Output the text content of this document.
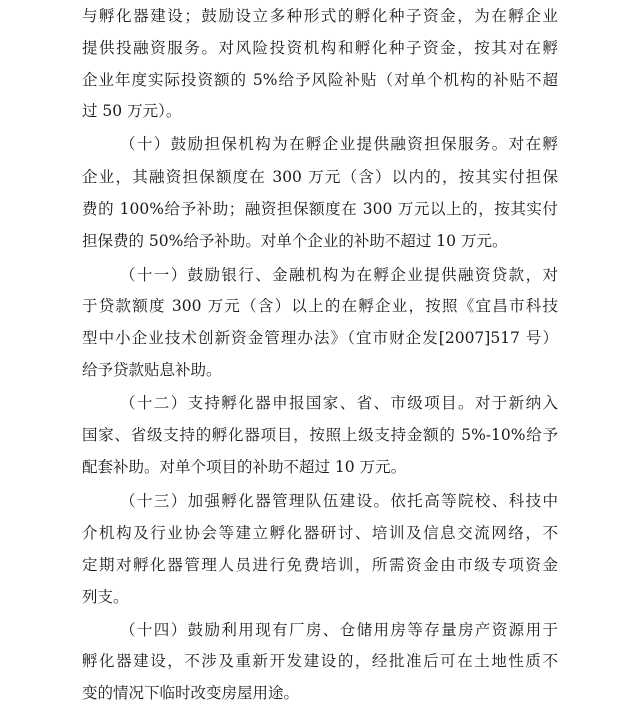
与孵化器建设；鼓励设立多种形式的孵化种子资金，为在孵企业
提供投融资服务。对风险投资机构和孵化种子资金，按其对在孵
企业年度实际投资额的 5%给予风险补贴（对单个机构的补贴不超
过 50 万元）。
（十）鼓励担保机构为在孵企业提供融资担保服务。对在孵
企业，其融资担保额度在 300 万元（含）以内的，按其实付担保
费的 100%给予补助；融资担保额度在 300 万元以上的，按其实付
担保费的 50%给予补助。对单个企业的补助不超过 10 万元。
（十一）鼓励银行、金融机构为在孵企业提供融资贷款，对
于贷款额度 300 万元（含）以上的在孵企业，按照《宜昌市科技
型中小企业技术创新资金管理办法》（宜市财企发[2007]517 号）
给予贷款贴息补助。
（十二）支持孵化器申报国家、省、市级项目。对于新纳入
国家、省级支持的孵化器项目，按照上级支持金额的 5%-10%给予
配套补助。对单个项目的补助不超过 10 万元。
（十三）加强孵化器管理队伍建设。依托高等院校、科技中
介机构及行业协会等建立孵化器研讨、培训及信息交流网络，不
定期对孵化器管理人员进行免费培训，所需资金由市级专项资金
列支。
（十四）鼓励利用现有厂房、仓储用房等存量房产资源用于
孵化器建设，不涉及重新开发建设的，经批准后可在土地性质不
变的情况下临时改变房屋用途。
